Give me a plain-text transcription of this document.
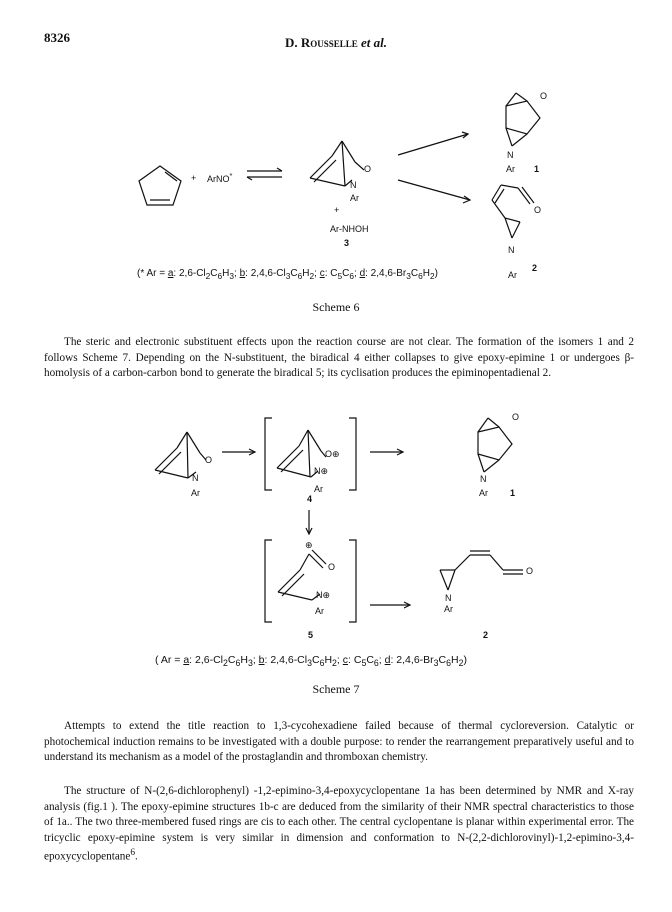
8326	D. Rousselle et al.
+ ArNO*
O
N
Ar
+
Ar-NHOH
3
O
N
Ar 1
O
N
Ar
2
(* Ar = a: $2,6-Cl_2C_6H_3$; b: $2,4,6-Cl_3C_6H_2$; c: $C_5C_6$; d: $2,4,6-Br_3C_6H_2$)
Scheme 6

The steric and electronic substituent effects upon the reaction course are not clear. The formation of the isomers 1 and 2 follows Scheme 7. Depending on the N-substituent, the biradical 4 either collapses to give epoxy-epimine 1 or undergoes β-homolysis of a carbon-carbon bond to generate the biradical 5; its cyclisation produces the epiminopentadienal 2.

O
N
Ar
O⊕
N⊕
Ar
4
O
N
Ar 1
⊕
O
N⊕
Ar
5
O
N
Ar
2
( Ar = a: $2,6-Cl_2C_6H_3$; b: $2,4,6-Cl_3C_6H_2$; c: $C_5C_6$; d: $2,4,6-Br_3C_6H_2$)
Scheme 7

Attempts to extend the title reaction to 1,3-cycohexadiene failed because of thermal cycloreversion. Catalytic or photochemical induction remains to be investigated with a double purpose: to render the rearrangement preparatively useful and to understand its mechanism as a model of the prostaglandin and thromboxan chemistry.

The structure of N-(2,6-dichlorophenyl) -1,2-epimino-3,4-epoxycyclopentane 1a has been determined by NMR and X-ray analysis (fig.1 ). The epoxy-epimine structures 1b-c are deduced from the similarity of their NMR spectral characteristics to those of 1a.. The two three-membered fused rings are cis to each other. The central cyclopentane is planar within experimental error. The tricyclic epoxy-epimine system is very similar in dimension and conformation to N-(2,2-dichlorovinyl)-1,2-epimino-3,4-epoxycyclopentane$^6$.
